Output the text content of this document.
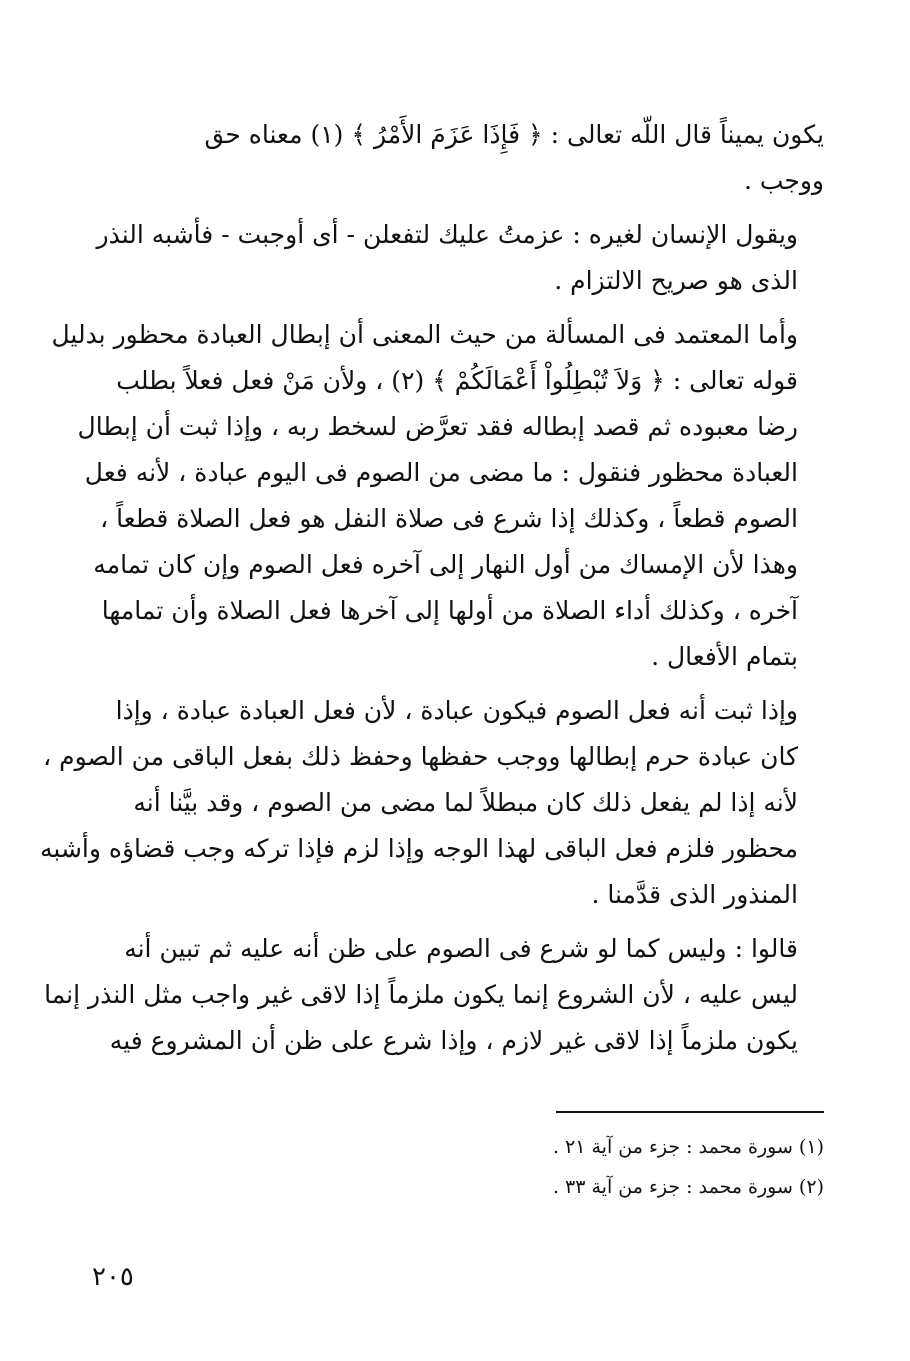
يكون يميناً قال اللّه تعالى : ﴿ فَإِذَا عَزَمَ الأَمْرُ ﴾ (١) معناه حق
ووجب .

ويقول الإنسان لغيره : عزمتُ عليك لتفعلن - أى أوجبت - فأشبه النذر
الذى هو صريح الالتزام .

وأما المعتمد فى المسألة من حيث المعنى أن إبطال العبادة محظور بدليل
قوله تعالى : ﴿ وَلاَ تُبْطِلُواْ أَعْمَالَكُمْ ﴾ (٢) ، ولأن مَنْ فعل فعلاً بطلب
رضا معبوده ثم قصد إبطاله فقد تعرَّض لسخط ربه ، وإذا ثبت أن إبطال
العبادة محظور فنقول : ما مضى من الصوم فى اليوم عبادة ، لأنه فعل
الصوم قطعاً ، وكذلك إذا شرع فى صلاة النفل هو فعل الصلاة قطعاً ،
وهذا لأن الإمساك من أول النهار إلى آخره فعل الصوم وإن كان تمامه
آخره ، وكذلك أداء الصلاة من أولها إلى آخرها فعل الصلاة وأن تمامها
بتمام الأفعال .

وإذا ثبت أنه فعل الصوم فيكون عبادة ، لأن فعل العبادة عبادة ، وإذا
كان عبادة حرم إبطالها ووجب حفظها وحفظ ذلك بفعل الباقى من الصوم ،
لأنه إذا لم يفعل ذلك كان مبطلاً لما مضى من الصوم ، وقد بيَّنا أنه
محظور فلزم فعل الباقى لهذا الوجه وإذا لزم فإذا تركه وجب قضاؤه وأشبه
المنذور الذى قدَّمنا .

قالوا : وليس كما لو شرع فى الصوم على ظن أنه عليه ثم تبين أنه
ليس عليه ، لأن الشروع إنما يكون ملزماً إذا لاقى غير واجب مثل النذر إنما
يكون ملزماً إذا لاقى غير لازم ، وإذا شرع على ظن أن المشروع فيه

(١) سورة محمد : جزء من آية ٢١ .
(٢) سورة محمد : جزء من آية ٣٣ .
٢٠٥
